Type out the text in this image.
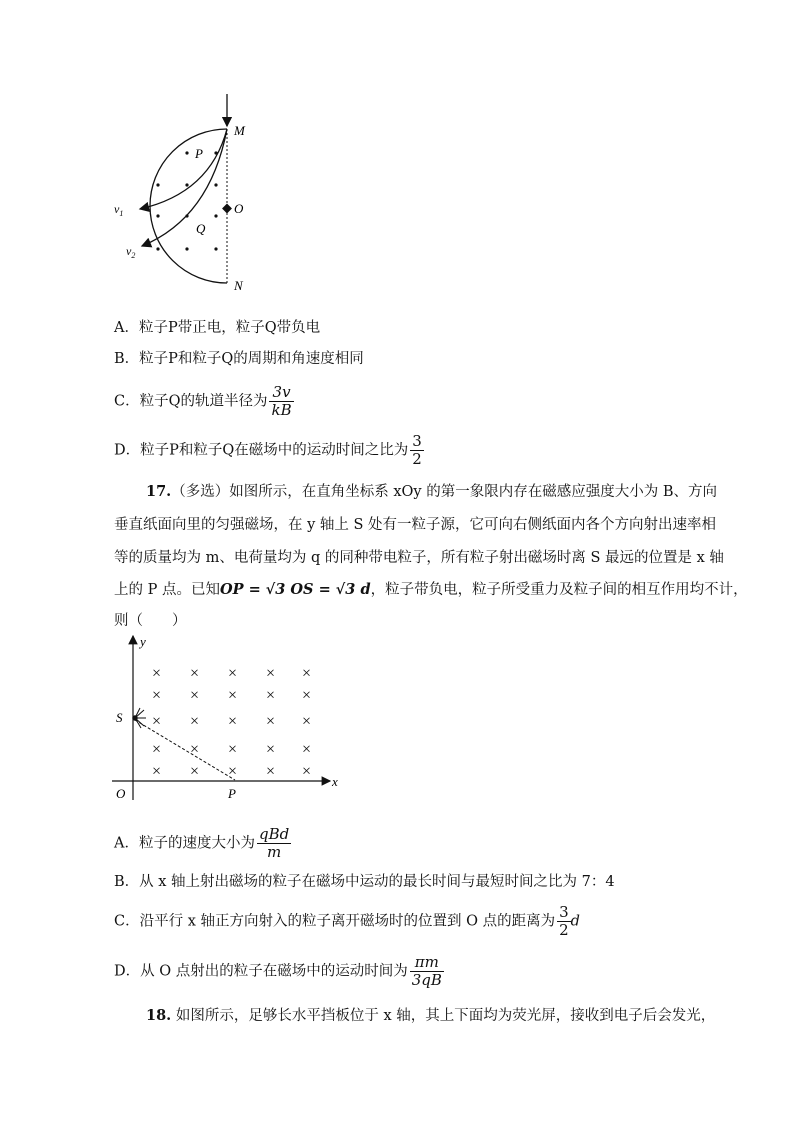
M
O
N
P
Q
$v_1$
$v_2$
A．粒子P带正电，粒子Q带负电
B．粒子P和粒子Q的周期和角速度相同
C．粒子Q的轨道半径为 $\frac{3v}{kB}$
D．粒子P和粒子Q在磁场中的运动时间之比为 $\frac{3}{2}$
17.（多选）如图所示，在直角坐标系 xOy 的第一象限内存在磁感应强度大小为 B、方向
垂直纸面向里的匀强磁场，在 y 轴上 S 处有一粒子源，它可向右侧纸面内各个方向射出速率相
等的质量均为 m、电荷量均为 q 的同种带电粒子，所有粒子射出磁场时离 S 最远的位置是 x 轴
上的 P 点。已知OP = √3 OS = √3 d，粒子带负电，粒子所受重力及粒子间的相互作用均不计，
则（　　）
y
x
O
S
P
× × × × ×
× × × × ×
× × × × ×
× × × × ×
× × × × ×
A．粒子的速度大小为 $\frac{\text{qBd}}{m}$
B．从 x 轴上射出磁场的粒子在磁场中运动的最长时间与最短时间之比为 7：4
C．沿平行 x 轴正方向射入的粒子离开磁场时的位置到 O 点的距离为 $\frac{3}{2}$ d
D．从 O 点射出的粒子在磁场中的运动时间为 $\frac{\pi m}{3qB}$
18. 如图所示，足够长水平挡板位于 x 轴，其上下面均为荧光屏，接收到电子后会发光，
